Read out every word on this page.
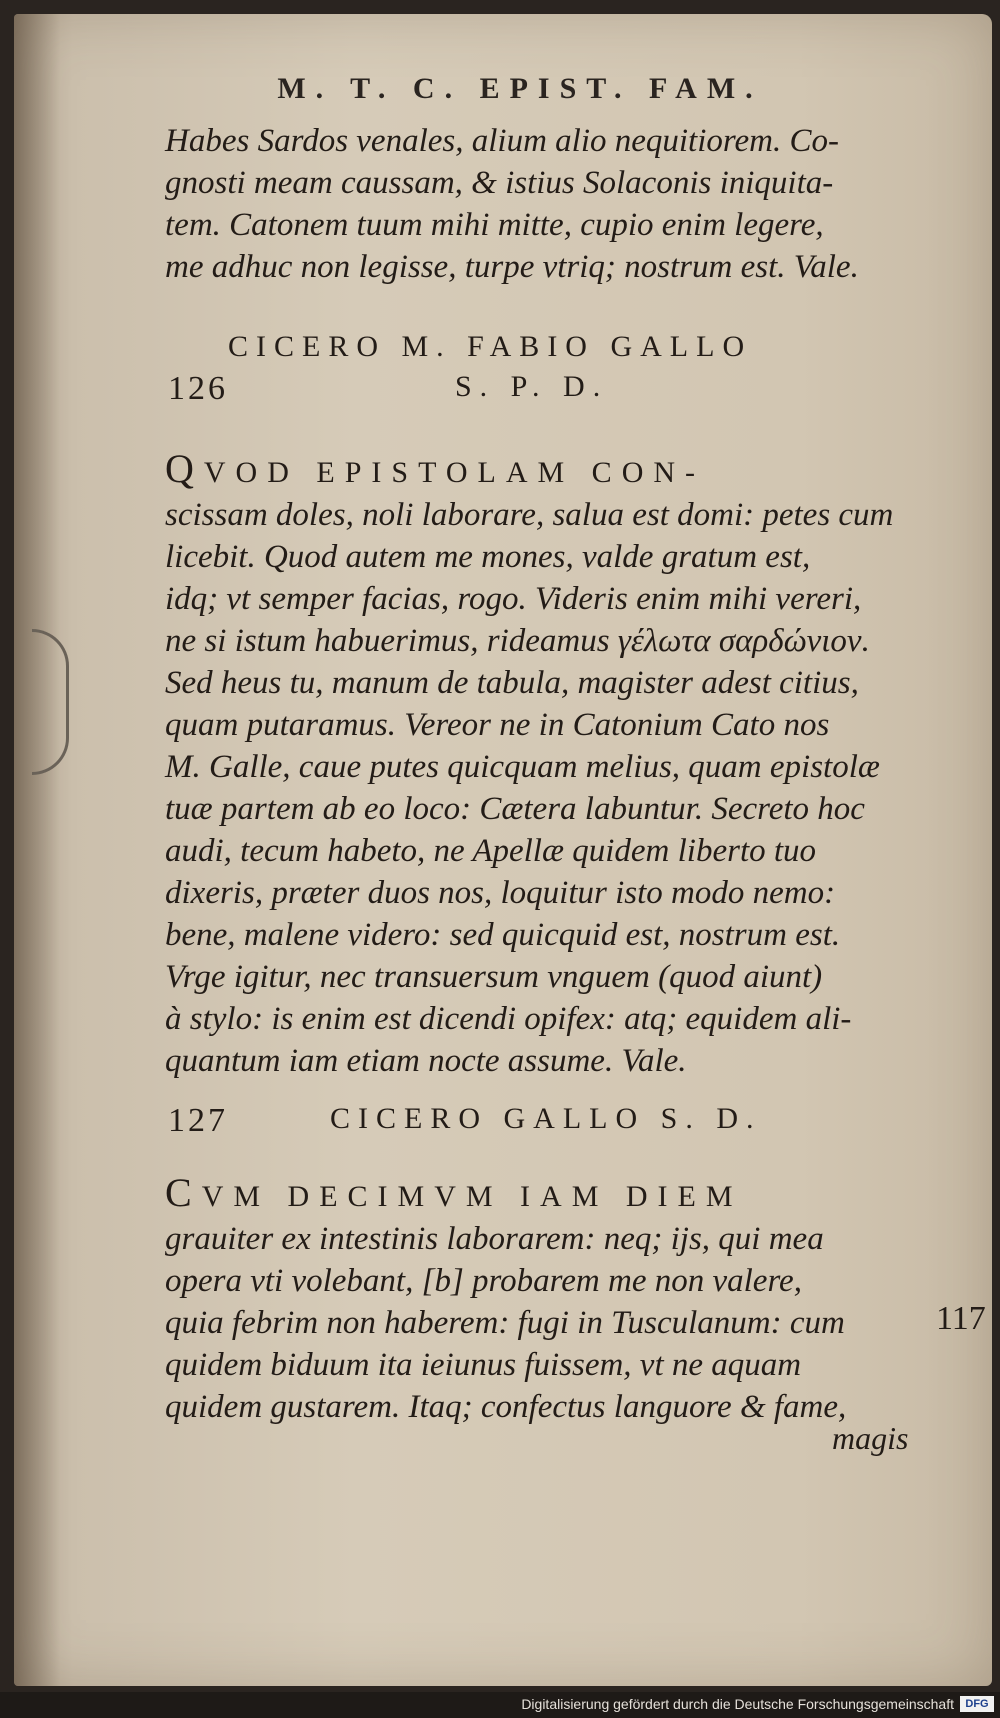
M. T. C. EPIST. FAM.
Habes Sardos venales, alium alio nequitiorem. Co-
gnosti meam caussam, & istius Solaconis iniquita-
tem. Catonem tuum mihi mitte, cupio enim legere,
me adhuc non legisse, turpe vtriq; nostrum est. Vale.
CICERO M. FABIO GALLO
126	S. P. D.
QVOD EPISTOLAM CON-
scissam doles, noli laborare, salua est domi: petes cum
licebit. Quod autem me mones, valde gratum est,
idq; vt semper facias, rogo. Videris enim mihi vereri,
ne si istum habuerimus, rideamus γέλωτα σαρδώνιον.
Sed heus tu, manum de tabula, magister adest citius,
quam putaramus. Vereor ne in Catonium Cato nos
M. Galle, caue putes quicquam melius, quam epistolæ
tuæ partem ab eo loco: Cætera labuntur. Secreto hoc
audi, tecum habeto, ne Apellæ quidem liberto tuo
dixeris, præter duos nos, loquitur isto modo nemo:
bene, malene videro: sed quicquid est, nostrum est.
Vrge igitur, nec transuersum vnguem (quod aiunt)
à stylo: is enim est dicendi opifex: atq; equidem ali-
quantum iam etiam nocte assume. Vale.
127	CICERO GALLO S. D.
CVM DECIMVM IAM DIEM
grauiter ex intestinis laborarem: neq; ijs, qui mea
opera vti volebant, [b] probarem me non valere,
quia febrim non haberem: fugi in Tusculanum: cum
quidem biduum ita ieiunus fuissem, vt ne aquam
quidem gustarem. Itaq; confectus languore & fame,
117
magis
Digitalisierung gefördert durch die Deutsche Forschungsgemeinschaft	DFG
